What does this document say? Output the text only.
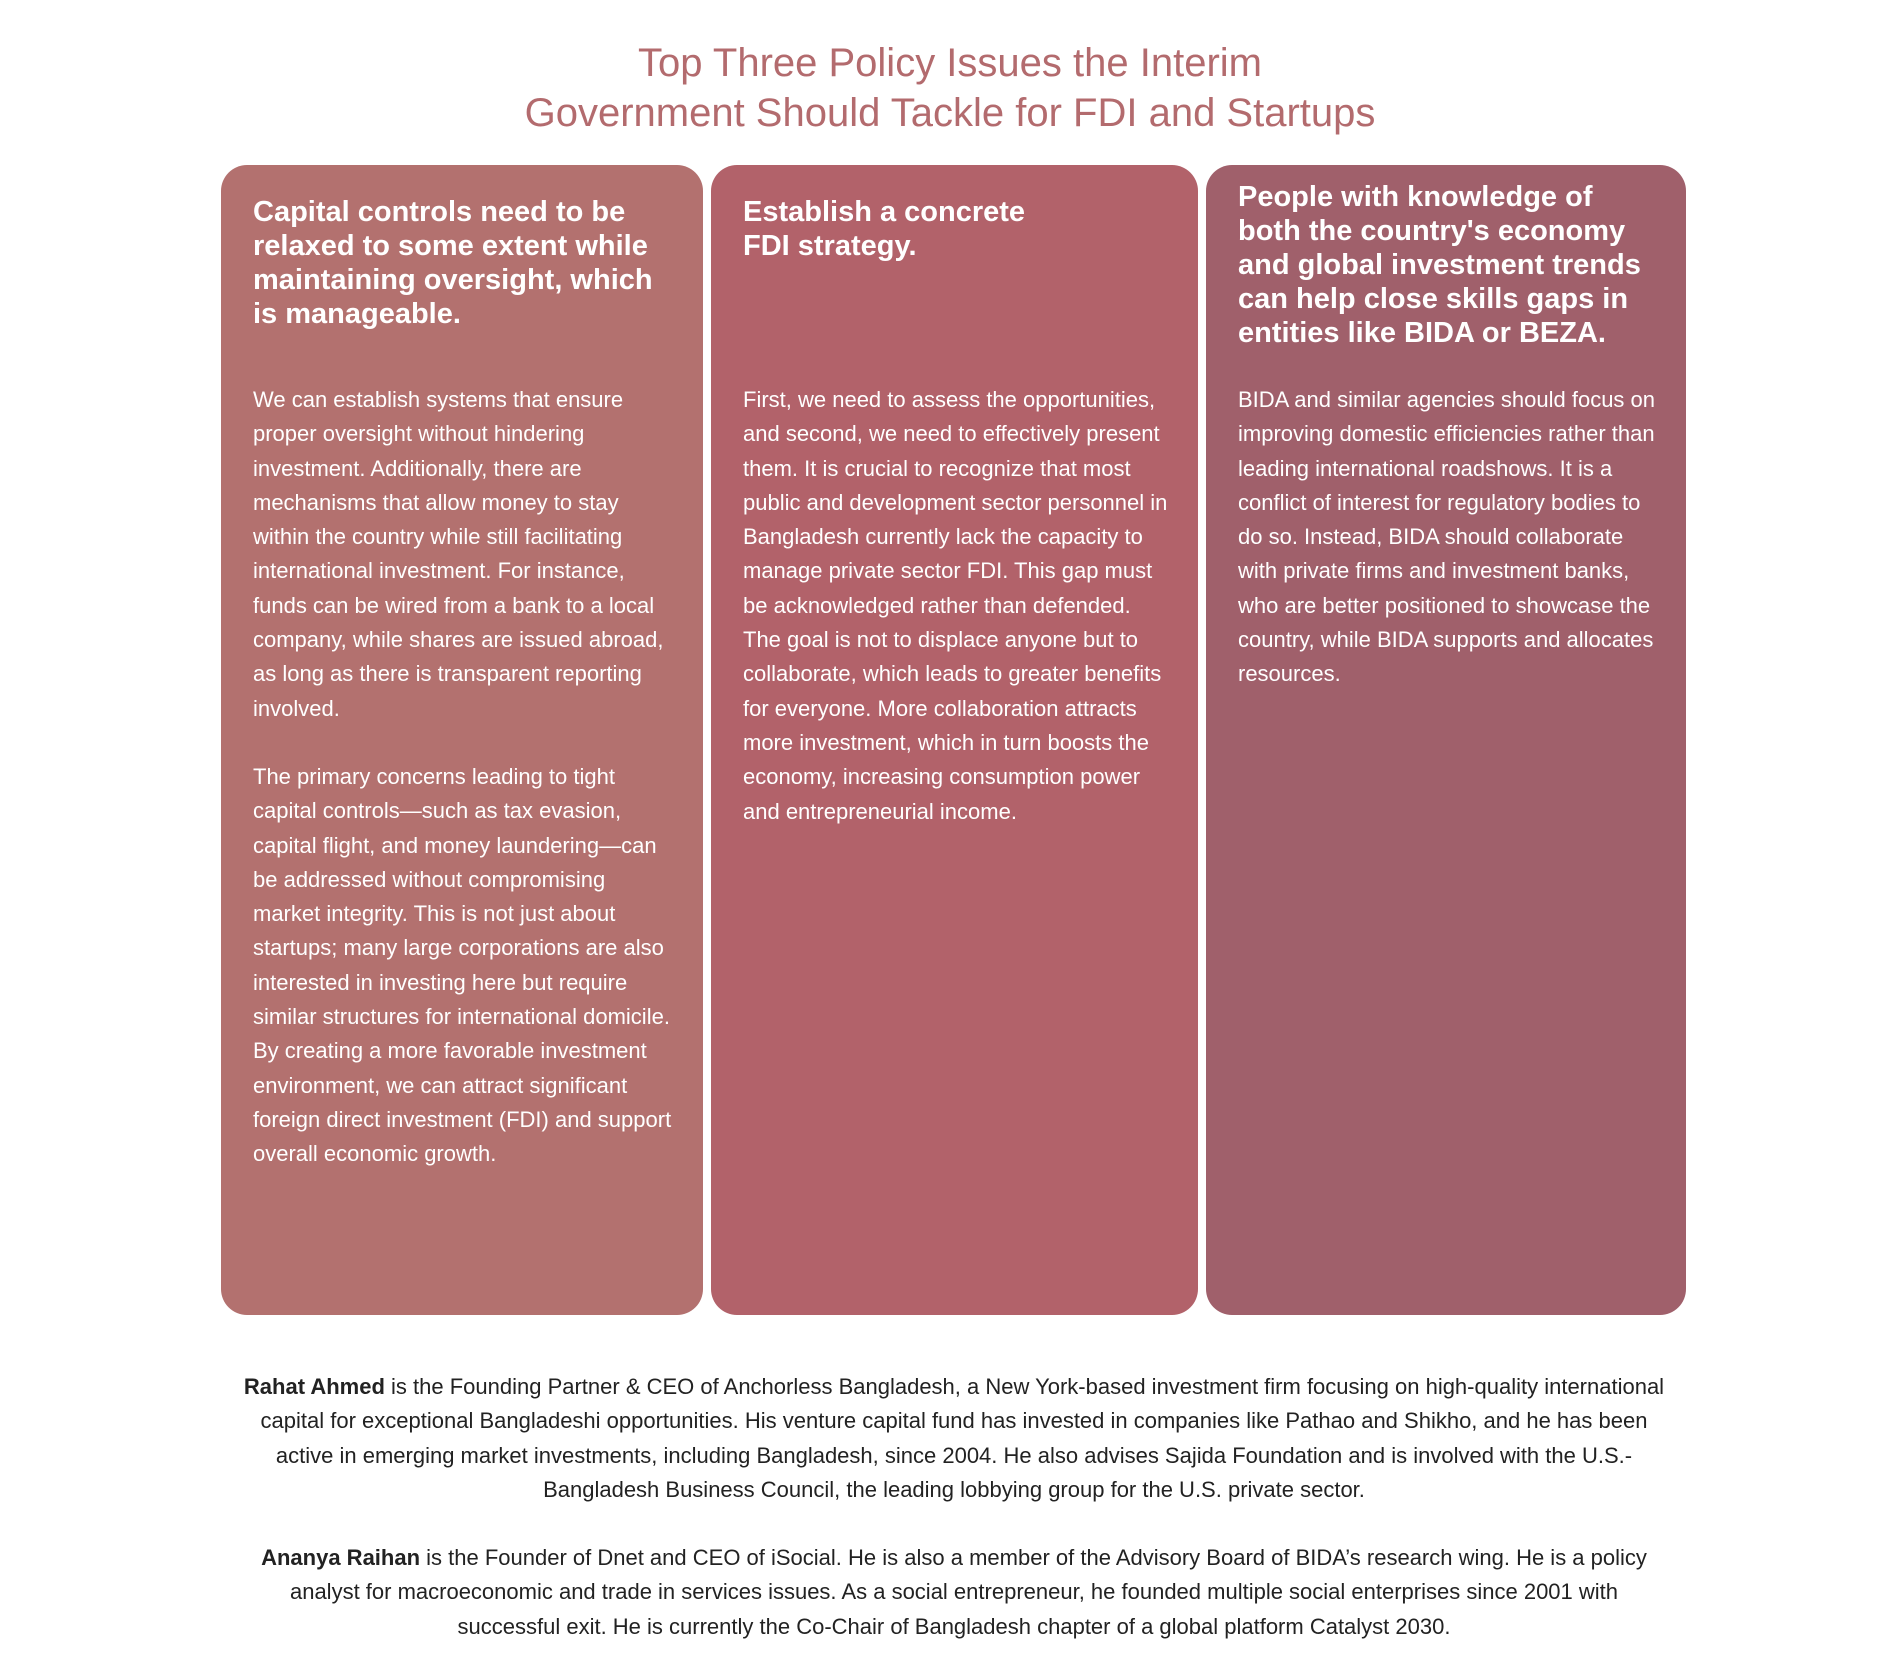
Top Three Policy Issues the Interim
Government Should Tackle for FDI and Startups
Capital controls need to be relaxed to some extent while maintaining oversight, which is manageable.

We can establish systems that ensure proper oversight without hindering investment. Additionally, there are mechanisms that allow money to stay within the country while still facilitating international investment. For instance, funds can be wired from a bank to a local company, while shares are issued abroad, as long as there is transparent reporting involved.

The primary concerns leading to tight capital controls—such as tax evasion, capital flight, and money laundering—can be addressed without compromising market integrity. This is not just about startups; many large corporations are also interested in investing here but require similar structures for international domicile. By creating a more favorable investment environment, we can attract significant foreign direct investment (FDI) and support overall economic growth.

Establish a concrete FDI strategy.

First, we need to assess the opportunities, and second, we need to effectively present them. It is crucial to recognize that most public and development sector personnel in Bangladesh currently lack the capacity to manage private sector FDI. This gap must be acknowledged rather than defended. The goal is not to displace anyone but to collaborate, which leads to greater benefits for everyone. More collaboration attracts more investment, which in turn boosts the economy, increasing consumption power and entrepreneurial income.

People with knowledge of both the country's economy and global investment trends can help close skills gaps in entities like BIDA or BEZA.

BIDA and similar agencies should focus on improving domestic efficiencies rather than leading international roadshows. It is a conflict of interest for regulatory bodies to do so. Instead, BIDA should collaborate with private firms and investment banks, who are better positioned to showcase the country, while BIDA supports and allocates resources.

Rahat Ahmed is the Founding Partner & CEO of Anchorless Bangladesh, a New York-based investment firm focusing on high-quality international capital for exceptional Bangladeshi opportunities. His venture capital fund has invested in companies like Pathao and Shikho, and he has been active in emerging market investments, including Bangladesh, since 2004. He also advises Sajida Foundation and is involved with the U.S.-Bangladesh Business Council, the leading lobbying group for the U.S. private sector.

Ananya Raihan is the Founder of Dnet and CEO of iSocial. He is also a member of the Advisory Board of BIDA’s research wing. He is a policy analyst for macroeconomic and trade in services issues. As a social entrepreneur, he founded multiple social enterprises since 2001 with successful exit. He is currently the Co-Chair of Bangladesh chapter of a global platform Catalyst 2030.
